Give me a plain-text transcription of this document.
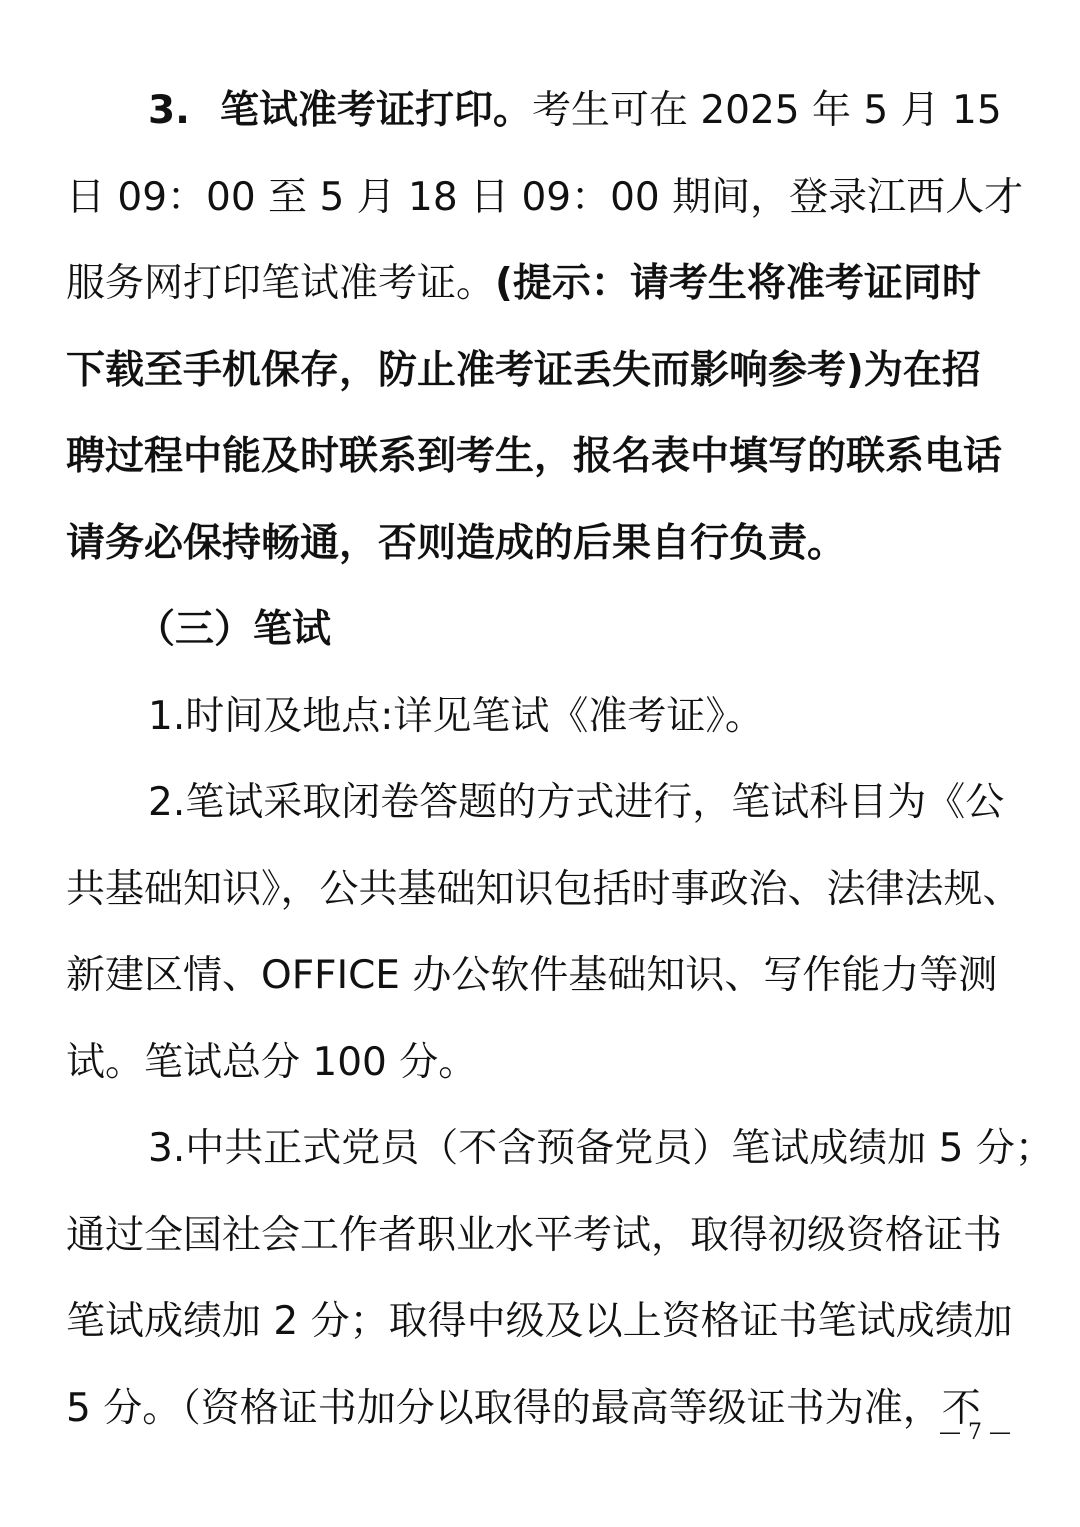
3. 笔试准考证打印。考生可在 2025 年 5 月 15
日 09：00 至 5 月 18 日 09：00 期间，登录江西人才
服务网打印笔试准考证。(提示：请考生将准考证同时
下载至手机保存，防止准考证丢失而影响参考)为在招
聘过程中能及时联系到考生，报名表中填写的联系电话
请务必保持畅通，否则造成的后果自行负责。
（三）笔试
1.时间及地点:详见笔试《准考证》。
2.笔试采取闭卷答题的方式进行，笔试科目为《公
共基础知识》，公共基础知识包括时事政治、法律法规、
新建区情、OFFICE 办公软件基础知识、写作能力等测
试。笔试总分 100 分。
3.中共正式党员（不含预备党员）笔试成绩加 5 分；
通过全国社会工作者职业水平考试，取得初级资格证书
笔试成绩加 2 分；取得中级及以上资格证书笔试成绩加
5 分。（资格证书加分以取得的最高等级证书为准，不
— 7 —
